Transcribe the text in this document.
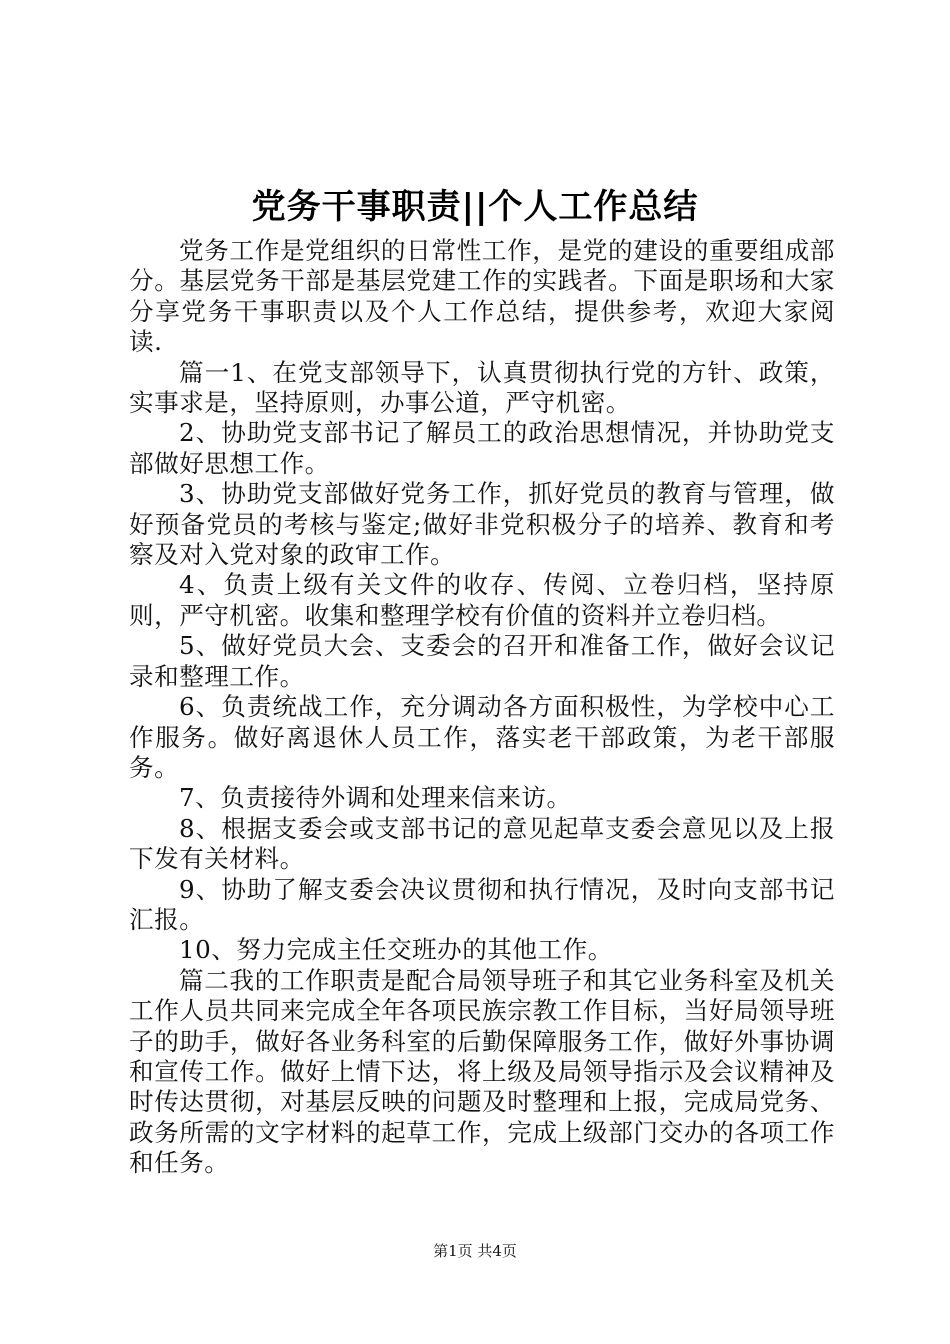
党务干事职责||个人工作总结

党务工作是党组织的日常性工作，是党的建设的重要组成部分。基层党务干部是基层党建工作的实践者。下面是职场和大家分享党务干事职责以及个人工作总结，提供参考，欢迎大家阅读.

篇一1、在党支部领导下，认真贯彻执行党的方针、政策，实事求是，坚持原则，办事公道，严守机密。

2、协助党支部书记了解员工的政治思想情况，并协助党支部做好思想工作。

3、协助党支部做好党务工作，抓好党员的教育与管理，做好预备党员的考核与鉴定;做好非党积极分子的培养、教育和考察及对入党对象的政审工作。

4、负责上级有关文件的收存、传阅、立卷归档，坚持原则，严守机密。收集和整理学校有价值的资料并立卷归档。

5、做好党员大会、支委会的召开和准备工作，做好会议记录和整理工作。

6、负责统战工作，充分调动各方面积极性，为学校中心工作服务。做好离退休人员工作，落实老干部政策，为老干部服务。

7、负责接待外调和处理来信来访。

8、根据支委会或支部书记的意见起草支委会意见以及上报下发有关材料。

9、协助了解支委会决议贯彻和执行情况，及时向支部书记汇报。

10、努力完成主任交班办的其他工作。

篇二我的工作职责是配合局领导班子和其它业务科室及机关工作人员共同来完成全年各项民族宗教工作目标，当好局领导班子的助手，做好各业务科室的后勤保障服务工作，做好外事协调和宣传工作。做好上情下达，将上级及局领导指示及会议精神及时传达贯彻，对基层反映的问题及时整理和上报，完成局党务、政务所需的文字材料的起草工作，完成上级部门交办的各项工作和任务。

第1页 共4页
